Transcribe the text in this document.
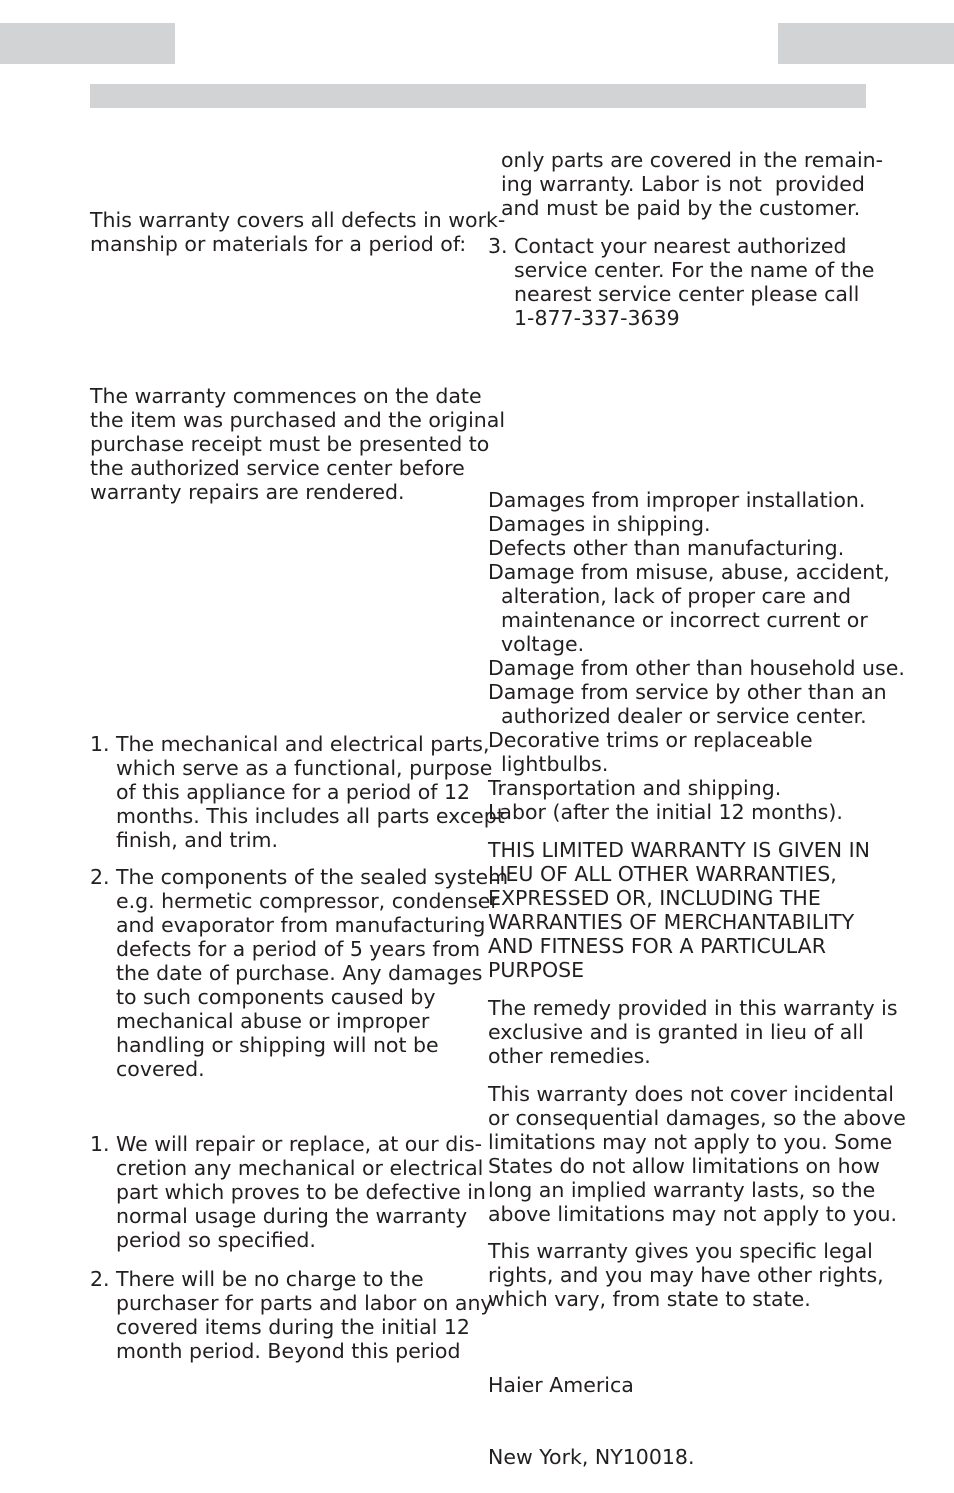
This warranty covers all defects in work-
manship or materials for a period of:

The warranty commences on the date
the item was purchased and the original
purchase receipt must be presented to
the authorized service center before
warranty repairs are rendered.

1. The mechanical and electrical parts,
which serve as a functional, purpose
of this appliance for a period of 12
months. This includes all parts except
finish, and trim.
2. The components of the sealed system
e.g. hermetic compressor, condenser
and evaporator from manufacturing
defects for a period of 5 years from
the date of purchase. Any damages
to such components caused by
mechanical abuse or improper
handling or shipping will not be
covered.
1. We will repair or replace, at our dis-
cretion any mechanical or electrical
part which proves to be defective in
normal usage during the warranty
period so specified.
2. There will be no charge to the
purchaser for parts and labor on any
covered items during the initial 12
month period. Beyond this period

only parts are covered in the remain-
ing warranty. Labor is not  provided
and must be paid by the customer.

3. Contact your nearest authorized
service center. For the name of the
nearest service center please call
1-877-337-3639
Damages from improper installation.
Damages in shipping.
Defects other than manufacturing.
Damage from misuse, abuse, accident,
alteration, lack of proper care and
maintenance or incorrect current or
voltage.
Damage from other than household use.
Damage from service by other than an
authorized dealer or service center.
Decorative trims or replaceable
lightbulbs.
Transportation and shipping.
Labor (after the initial 12 months).

THIS LIMITED WARRANTY IS GIVEN IN
LIEU OF ALL OTHER WARRANTIES,
EXPRESSED OR, INCLUDING THE
WARRANTIES OF MERCHANTABILITY
AND FITNESS FOR A PARTICULAR
PURPOSE

The remedy provided in this warranty is
exclusive and is granted in lieu of all
other remedies.

This warranty does not cover incidental
or consequential damages, so the above
limitations may not apply to you. Some
States do not allow limitations on how
long an implied warranty lasts, so the
above limitations may not apply to you.

This warranty gives you specific legal
rights, and you may have other rights,
which vary, from state to state.

Haier America

New York, NY10018.
